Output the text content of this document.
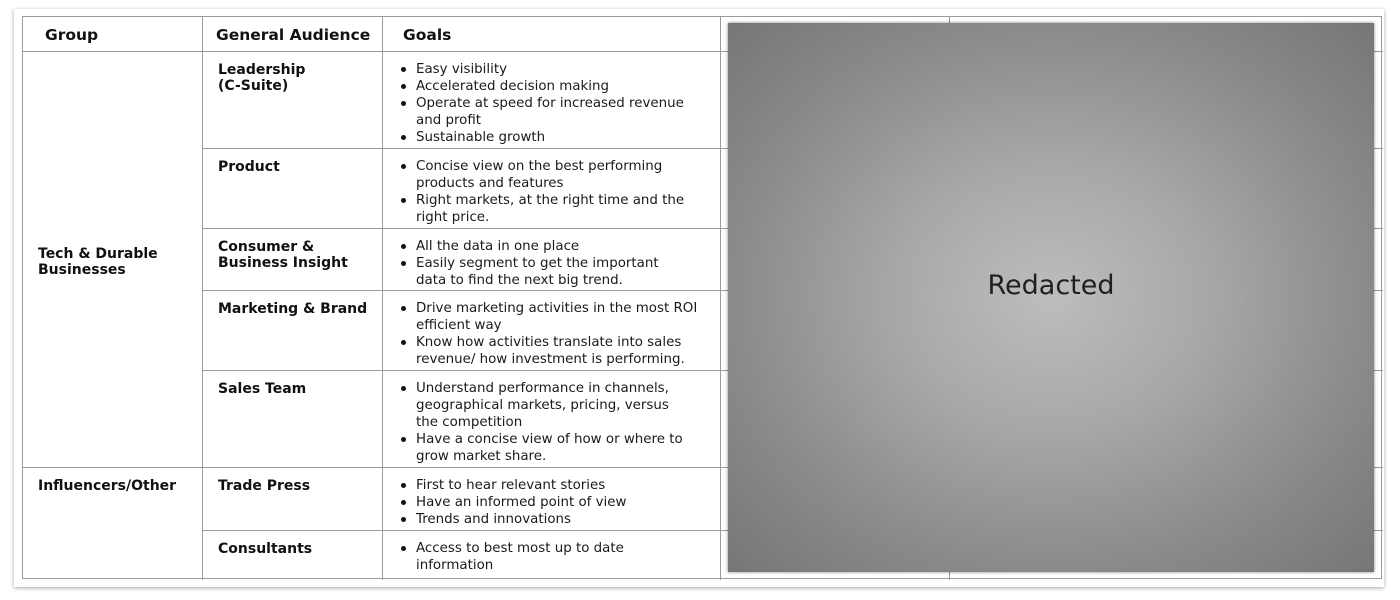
Group	General Audience Goals
Tech & Durable Businesses
Influencers/Other
Leadership
(C-Suite)
Product
Consumer &
Business Insight
Marketing & Brand
Sales Team
Trade Press
Consultants
Easy visibility
Accelerated decision making
Operate at speed for increased revenue
and profit
Sustainable growth
Concise view on the best performing
products and features
Right markets, at the right time and the
right price.
All the data in one place
Easily segment to get the important
data to find the next big trend.
Drive marketing activities in the most ROI
efficient way
Know how activities translate into sales
revenue/ how investment is performing.
Understand performance in channels,
geographical markets, pricing, versus
the competition
Have a concise view of how or where to
grow market share.
First to hear relevant stories
Have an informed point of view
Trends and innovations
Access to best most up to date
information
Redacted
